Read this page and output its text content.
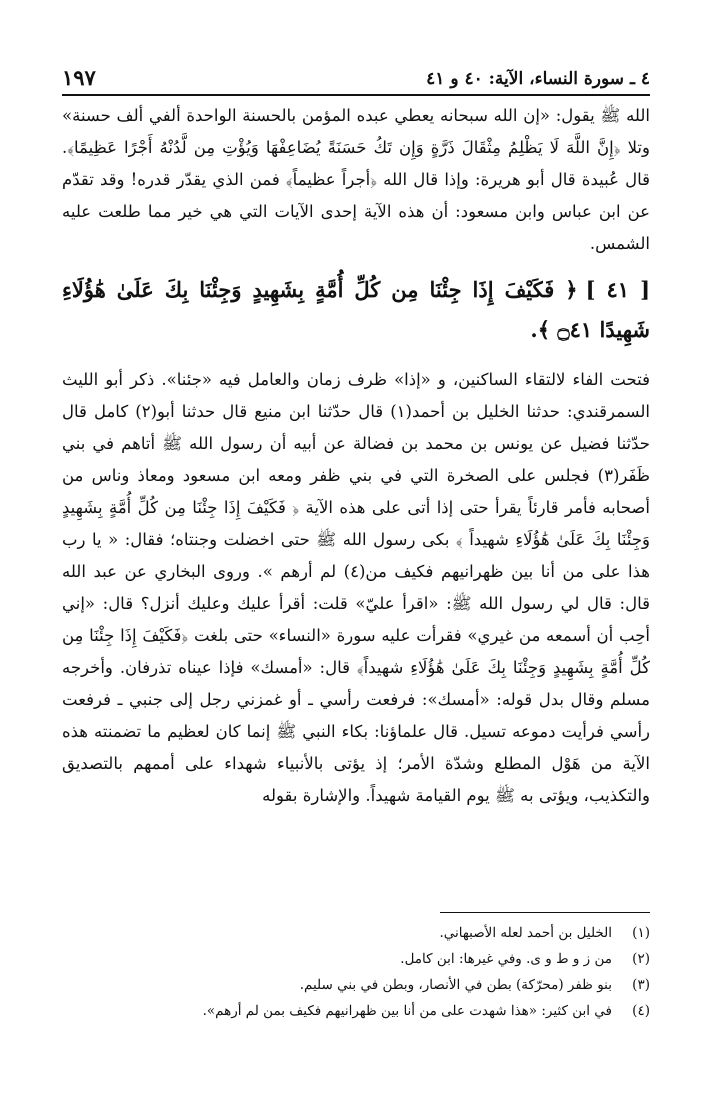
٤ ـ سورة النساء، الآية: ٤٠ و ٤١
١٩٧

الله ﷺ يقول: «إن الله سبحانه يعطي عبده المؤمن بالحسنة الواحدة ألفي ألف حسنة» وتلا ﴿إِنَّ اللَّهَ لَا يَظْلِمُ مِثْقَالَ ذَرَّةٍ وَإِن تَكُ حَسَنَةً يُضَاعِفْهَا وَيُؤْتِ مِن لَّدُنْهُ أَجْرًا عَظِيمًا﴾. قال عُبيدة قال أبو هريرة: وإذا قال الله ﴿أجراً عظيماً﴾ فمن الذي يقدّر قدره! وقد تقدّم عن ابن عباس وابن مسعود: أن هذه الآية إحدى الآيات التي هي خير مما طلعت عليه الشمس.

[ ٤١ ]﴿ فَكَيْفَ إِذَا جِئْنَا مِن كُلِّ أُمَّةٍ بِشَهِيدٍ وَجِئْنَا بِكَ عَلَىٰ هَٰؤُلَاءِ شَهِيدًا ۝٤١ ﴾.

فتحت الفاء لالتقاء الساكنين، و «إذا» ظرف زمان والعامل فيه «جئنا». ذكر أبو الليث السمرقندي: حدثنا الخليل بن أحمد(١) قال حدّثنا ابن منيع قال حدثنا أبو(٢) كامل قال حدّثنا فضيل عن يونس بن محمد بن فضالة عن أبيه أن رسول الله ﷺ أتاهم في بني ظَفَر(٣) فجلس على الصخرة التي في بني ظفر ومعه ابن مسعود ومعاذ وناس من أصحابه فأمر قارئاً يقرأ حتى إذا أتى على هذه الآية ﴿ فَكَيْفَ إِذَا جِئْنَا مِن كُلِّ أُمَّةٍ بِشَهِيدٍ وَجِئْنَا بِكَ عَلَىٰ هَٰؤُلَاءِ شهيداً ﴾ بكى رسول الله ﷺ حتى اخضلت وجنتاه؛ فقال: « يا رب هذا على من أنا بين ظهرانيهم فكيف من(٤) لم أرهم ». وروى البخاري عن عبد الله قال: قال لي رسول الله ﷺ: «اقرأ عليّ» قلت: أقرأ عليك وعليك أنزل؟ قال: «إني أحِب أن أسمعه من غيري» فقرأت عليه سورة «النساء» حتى بلغت ﴿فَكَيْفَ إِذَا جِئْنَا مِن كُلِّ أُمَّةٍ بِشَهِيدٍ وَجِئْنَا بِكَ عَلَىٰ هَٰؤُلَاءِ شهيداً﴾ قال: «أمسك» فإذا عيناه تذرفان. وأخرجه مسلم وقال بدل قوله: «أمسك»: فرفعت رأسي ـ أو غمزني رجل إلى جنبي ـ فرفعت رأسي فرأيت دموعه تسيل. قال علماؤنا: بكاء النبي ﷺ إنما كان لعظيم ما تضمنته هذه الآية من هَوْل المطلع وشدّة الأمر؛ إذ يؤتى بالأنبياء شهداء على أممهم بالتصديق والتكذيب، ويؤتى به ﷺ يوم القيامة شهيداً. والإشارة بقوله

(١)
الخليل بن أحمد لعله الأصبهاني.
(٢)
من ز و ط و ى. وفي غيرها: ابن كامل.
(٣)
بنو ظفر (محرّكة) بطن في الأنصار، وبطن في بني سليم.
(٤)
في ابن كثير: «هذا شهدت على من أنا بين ظهرانيهم فكيف بمن لم أرهم».
